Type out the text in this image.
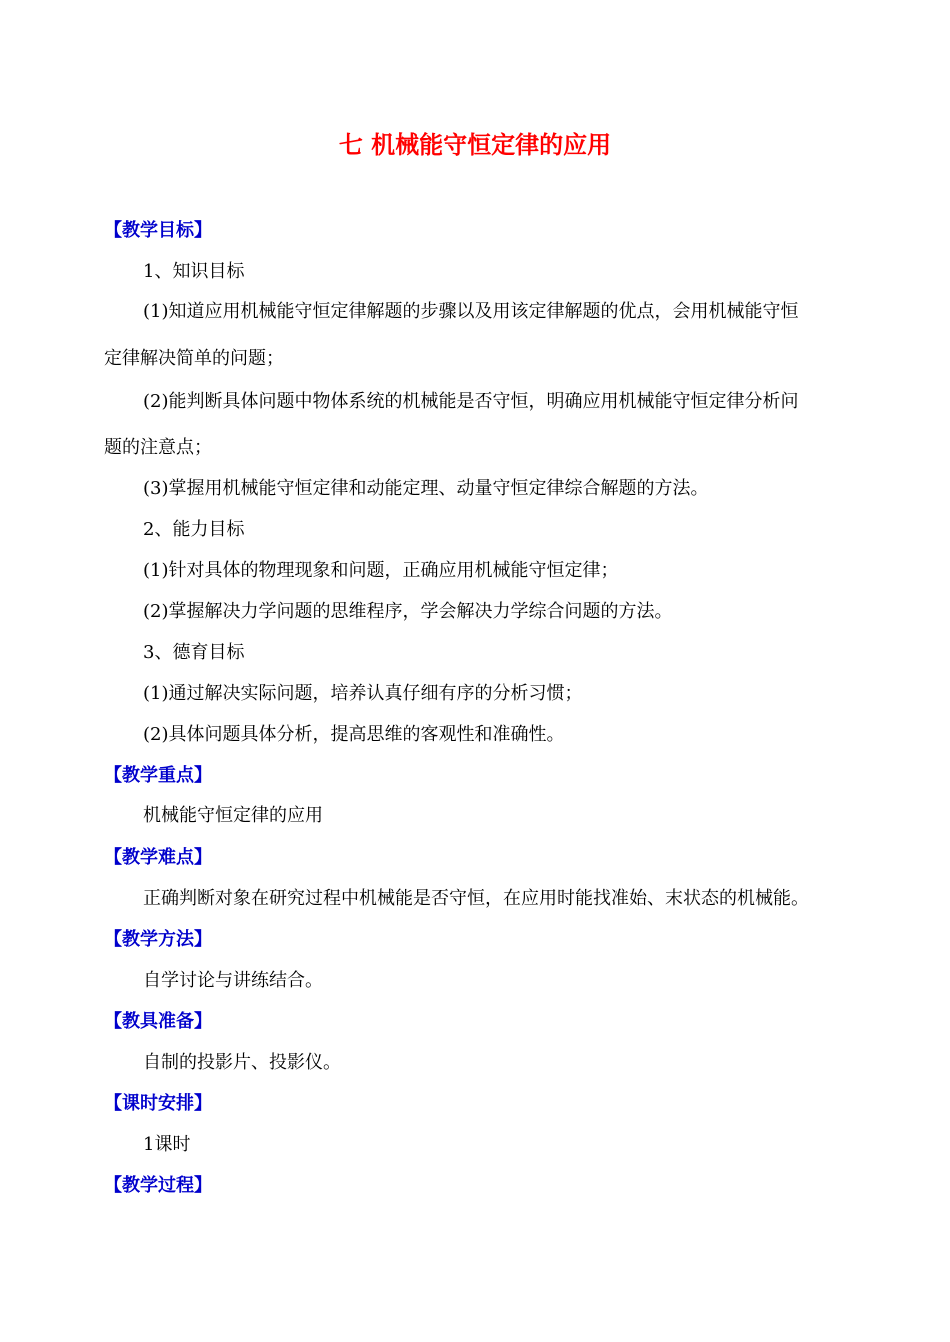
七 机械能守恒定律的应用
【教学目标】
1、知识目标
(1)知道应用机械能守恒定律解题的步骤以及用该定律解题的优点，会用机械能守恒
定律解决简单的问题；
(2)能判断具体问题中物体系统的机械能是否守恒，明确应用机械能守恒定律分析问
题的注意点；
(3)掌握用机械能守恒定律和动能定理、动量守恒定律综合解题的方法。
2、能力目标
(1)针对具体的物理现象和问题，正确应用机械能守恒定律；
(2)掌握解决力学问题的思维程序，学会解决力学综合问题的方法。
3、德育目标
(1)通过解决实际问题，培养认真仔细有序的分析习惯；
(2)具体问题具体分析，提高思维的客观性和准确性。
【教学重点】
机械能守恒定律的应用
【教学难点】
正确判断对象在研究过程中机械能是否守恒，在应用时能找准始、末状态的机械能。
【教学方法】
自学讨论与讲练结合。
【教具准备】
自制的投影片、投影仪。
【课时安排】
1课时
【教学过程】
